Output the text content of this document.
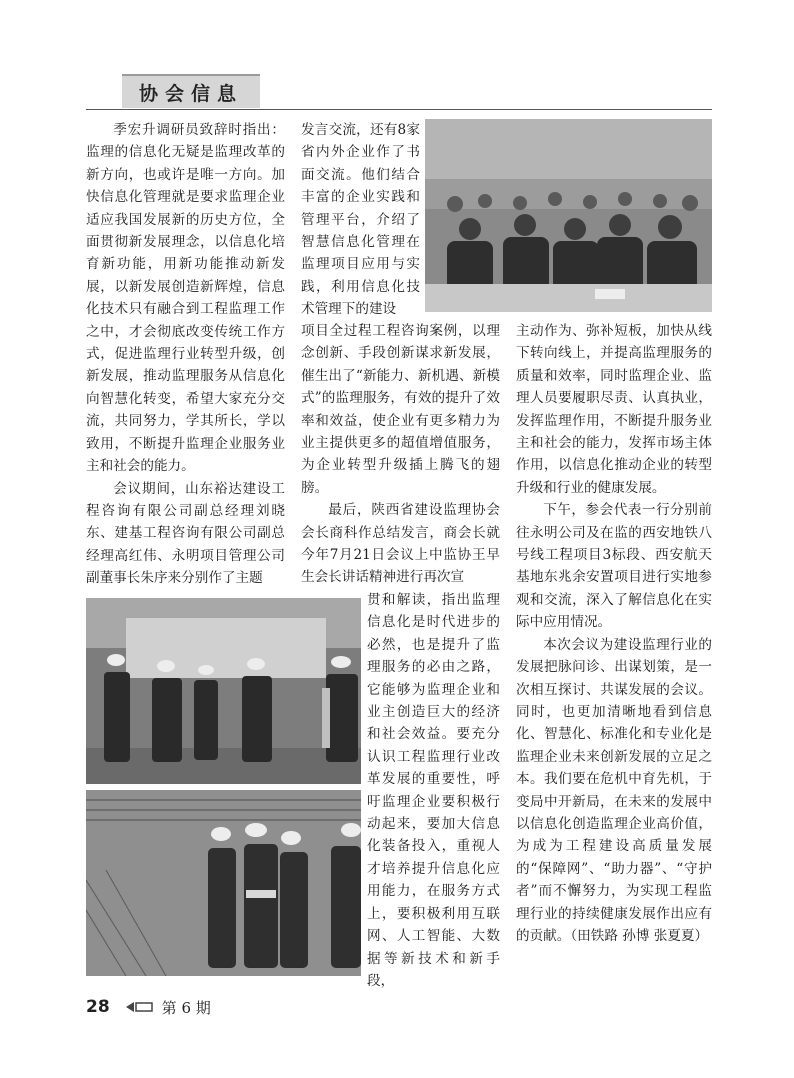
协会信息

季宏升调研员致辞时指出：监理的信息化无疑是监理改革的新方向，也或许是唯一方向。加快信息化管理就是要求监理企业适应我国发展新的历史方位，全面贯彻新发展理念，以信息化培育新功能，用新功能推动新发展，以新发展创造新辉煌，信息化技术只有融合到工程监理工作之中，才会彻底改变传统工作方式，促进监理行业转型升级，创新发展，推动监理服务从信息化向智慧化转变，希望大家充分交流，共同努力，学其所长，学以致用，不断提升监理企业服务业主和社会的能力。

会议期间，山东裕达建设工程咨询有限公司副总经理刘晓东、建基工程咨询有限公司副总经理高红伟、永明项目管理公司副董事长朱序来分别作了主题

发言交流，还有8家省内外企业作了书面交流。他们结合丰富的企业实践和管理平台，介绍了智慧信息化管理在监理项目应用与实践，利用信息化技术管理下的建设

项目全过程工程咨询案例，以理念创新、手段创新谋求新发展，催生出了“新能力、新机遇、新模式”的监理服务，有效的提升了效率和效益，使企业有更多精力为业主提供更多的超值增值服务，为企业转型升级插上腾飞的翅膀。

最后，陕西省建设监理协会会长商科作总结发言，商会长就今年7月21日会议上中监协王早生会长讲话精神进行再次宣

贯和解读，指出监理信息化是时代进步的必然，也是提升了监理服务的必由之路，它能够为监理企业和业主创造巨大的经济和社会效益。要充分认识工程监理行业改革发展的重要性，呼吁监理企业要积极行动起来，要加大信息化装备投入，重视人才培养提升信息化应用能力，在服务方式上，要积极利用互联网、人工智能、大数据等新技术和新手段，

主动作为、弥补短板，加快从线下转向线上，并提高监理服务的质量和效率，同时监理企业、监理人员要履职尽责、认真执业，发挥监理作用，不断提升服务业主和社会的能力，发挥市场主体作用，以信息化推动企业的转型升级和行业的健康发展。

下午，参会代表一行分别前往永明公司及在监的西安地铁八号线工程项目3标段、西安航天基地东兆余安置项目进行实地参观和交流，深入了解信息化在实际中应用情况。

本次会议为建设监理行业的发展把脉问诊、出谋划策，是一次相互探讨、共谋发展的会议。同时，也更加清晰地看到信息化、智慧化、标准化和专业化是监理企业未来创新发展的立足之本。我们要在危机中育先机，于变局中开新局，在未来的发展中以信息化创造监理企业高价值，为成为工程建设高质量发展的“保障网”、“助力器”、“守护者”而不懈努力，为实现工程监理行业的持续健康发展作出应有的贡献。（田铁路 孙博 张夏夏）

28	第 6 期
